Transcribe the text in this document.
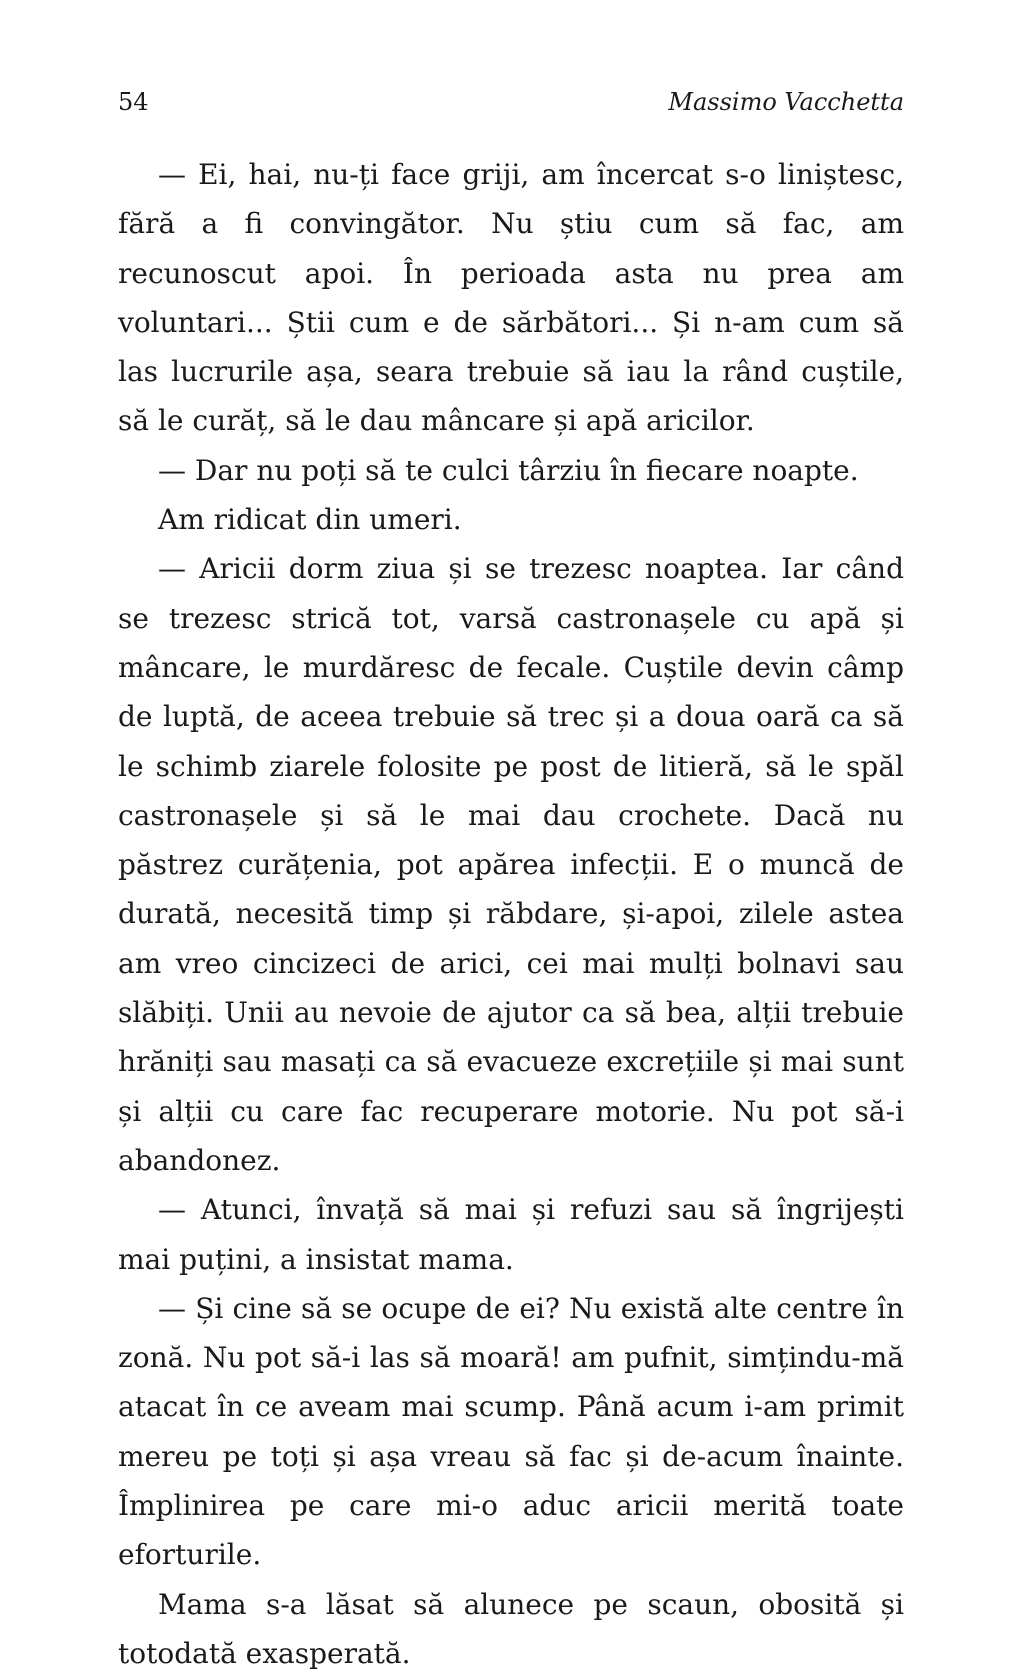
54	Massimo Vacchetta

— Ei, hai, nu-ți face griji, am încercat s-o liniștesc, fără a fi convingător. Nu știu cum să fac, am recunoscut apoi. În perioada asta nu prea am voluntari... Știi cum e de sărbători... Și n-am cum să las lucrurile așa, seara trebuie să iau la rând cuștile, să le curăț, să le dau mâncare și apă aricilor.

— Dar nu poți să te culci târziu în fiecare noapte.

Am ridicat din umeri.

— Aricii dorm ziua și se trezesc noaptea. Iar când se trezesc strică tot, varsă castronașele cu apă și mâncare, le murdăresc de fecale. Cuștile devin câmp de luptă, de aceea trebuie să trec și a doua oară ca să le schimb ziarele folosite pe post de litieră, să le spăl castronașele și să le mai dau crochete. Dacă nu păstrez curățenia, pot apărea infecții. E o muncă de durată, necesită timp și răbdare, și-apoi, zilele astea am vreo cincizeci de arici, cei mai mulți bolnavi sau slăbiți. Unii au nevoie de ajutor ca să bea, alții trebuie hrăniți sau masați ca să evacueze excrețiile și mai sunt și alții cu care fac recuperare motorie. Nu pot să-i abandonez.

— Atunci, învață să mai și refuzi sau să îngrijești mai puțini, a insistat mama.

— Și cine să se ocupe de ei? Nu există alte centre în zonă. Nu pot să-i las să moară! am pufnit, simțindu-mă atacat în ce aveam mai scump. Până acum i-am primit mereu pe toți și așa vreau să fac și de-acum înainte. Împlinirea pe care mi-o aduc aricii merită toate eforturile.

Mama s-a lăsat să alunece pe scaun, obosită și totodată exasperată.
